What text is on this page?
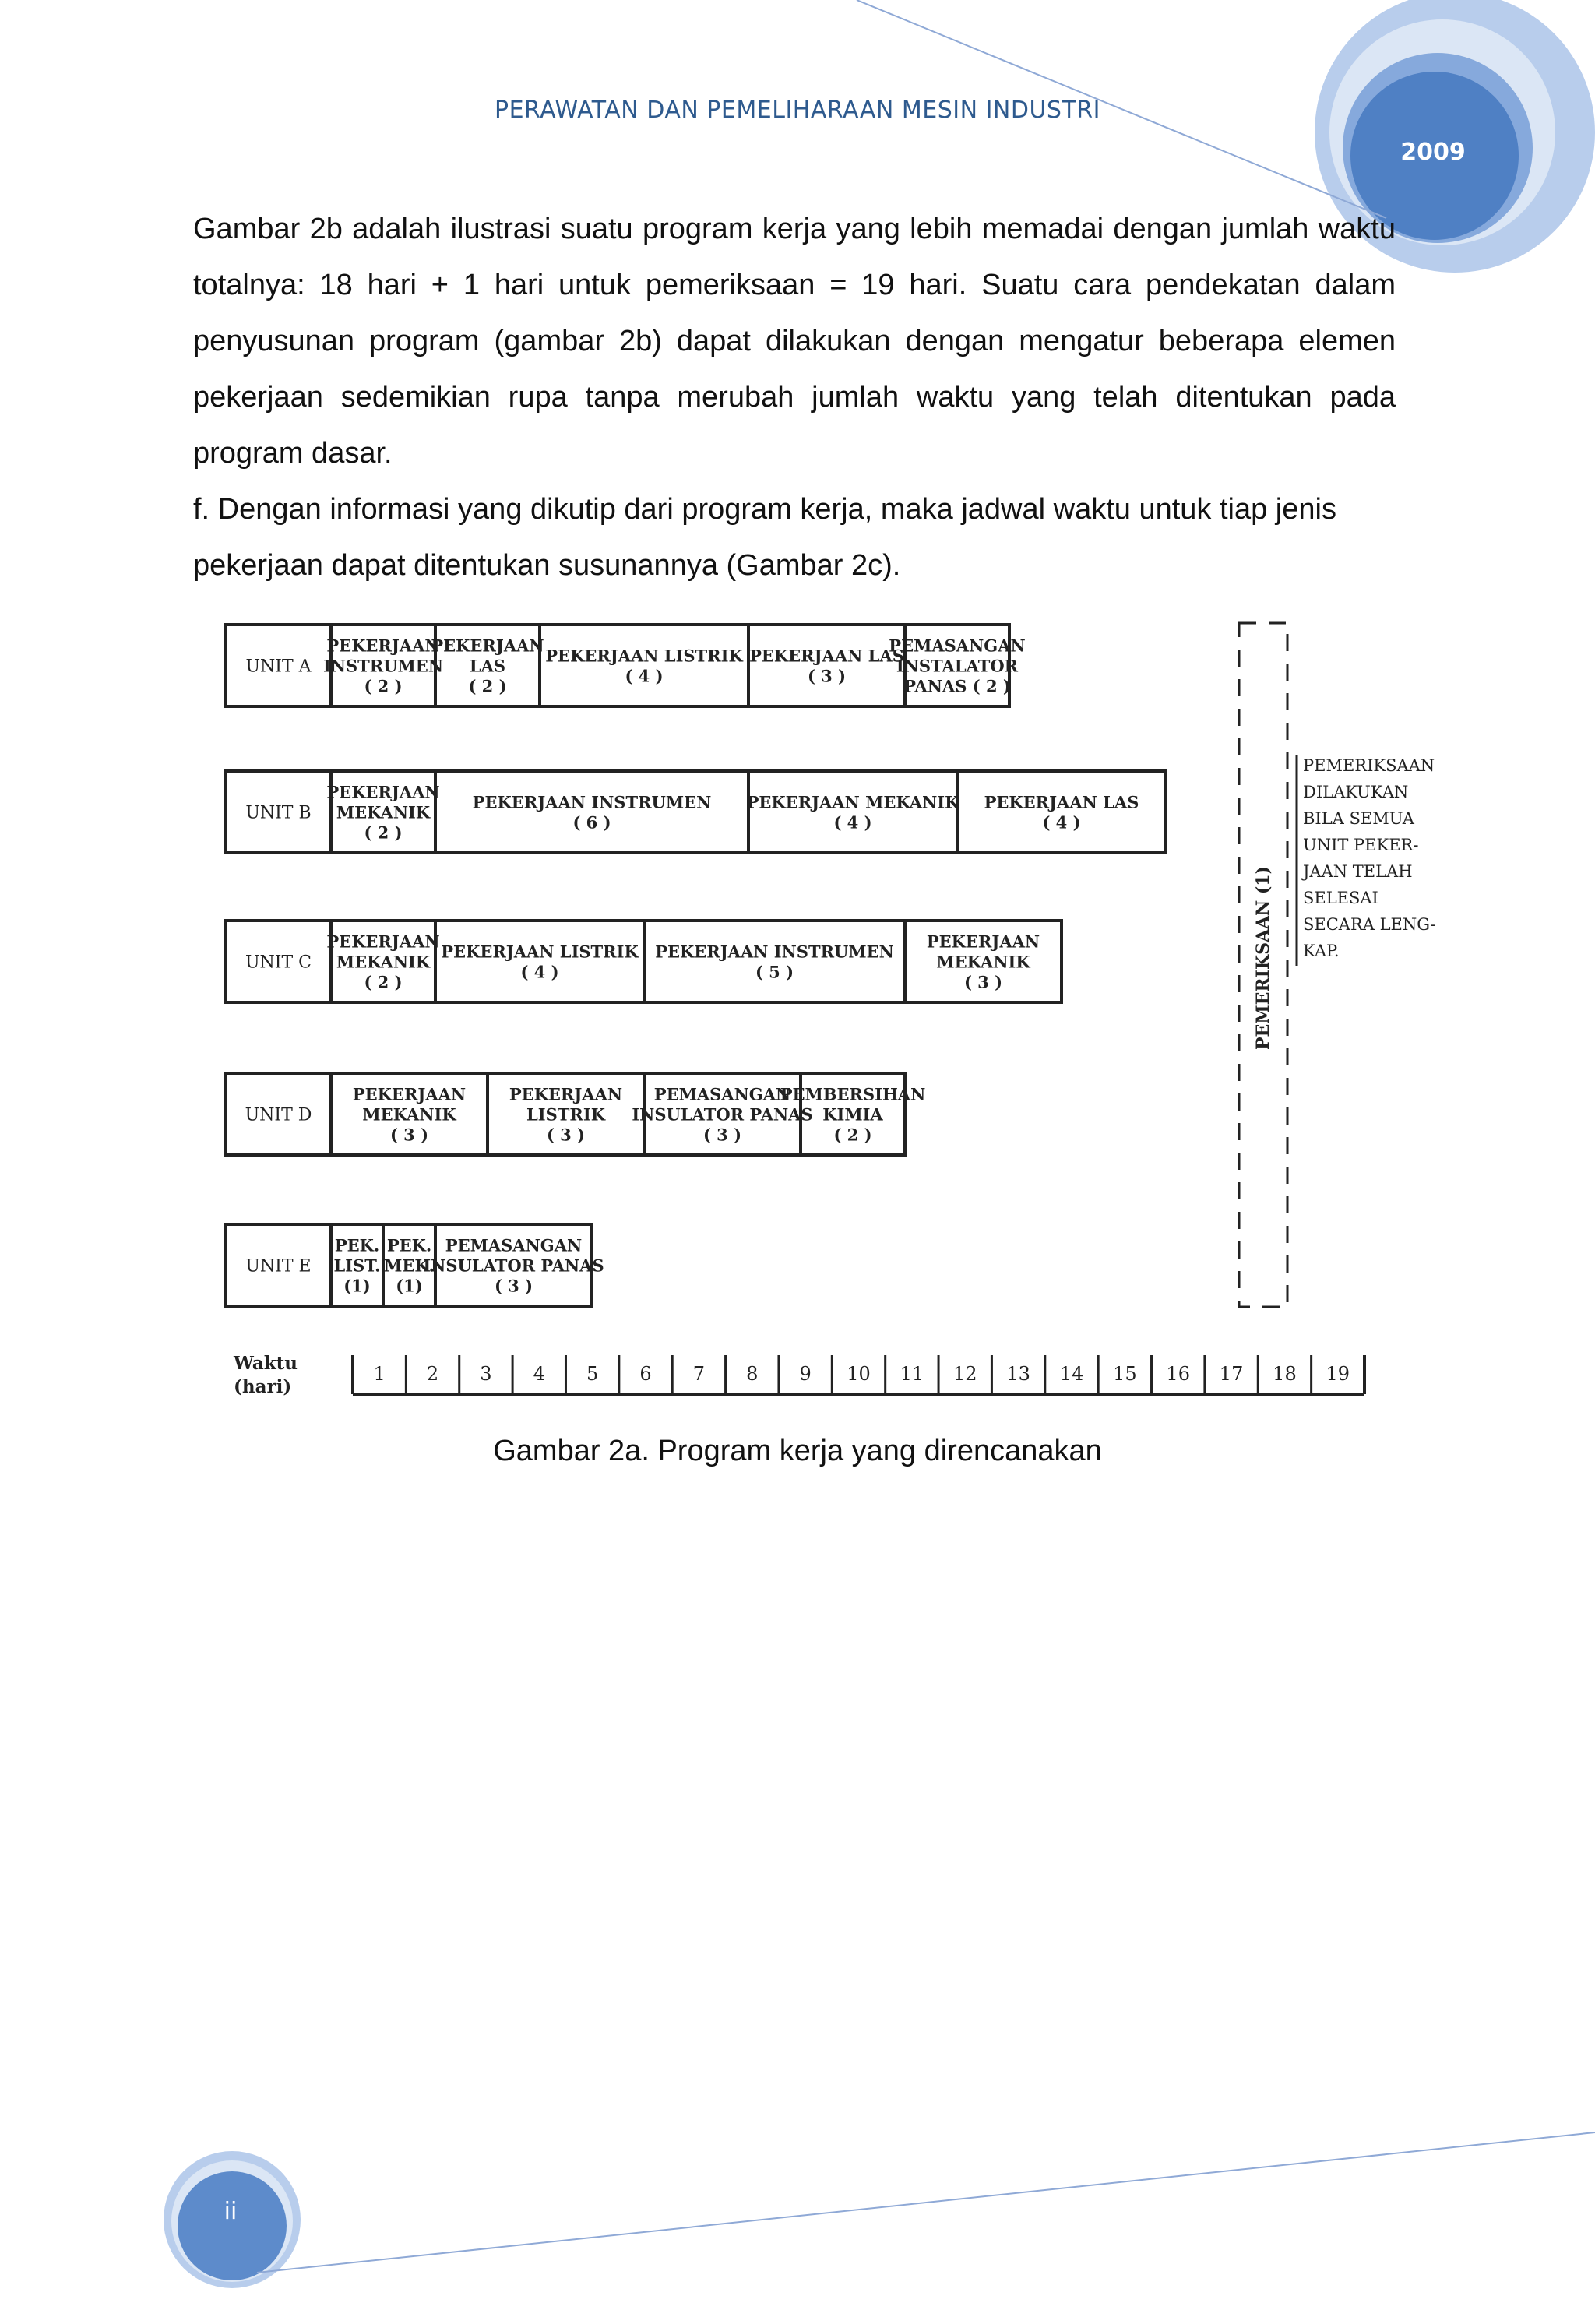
PERAWATAN DAN PEMELIHARAAN MESIN INDUSTRI
2009

Gambar 2b adalah ilustrasi suatu program kerja yang lebih memadai dengan jumlah waktu totalnya: 18 hari + 1 hari untuk pemeriksaan = 19 hari. Suatu cara pendekatan dalam penyusunan program (gambar 2b) dapat dilakukan dengan mengatur beberapa elemen pekerjaan sedemikian rupa tanpa merubah jumlah waktu yang telah ditentukan pada program dasar.

f. Dengan informasi yang dikutip dari program kerja, maka jadwal waktu untuk tiap jenis pekerjaan dapat ditentukan susunannya (Gambar 2c).

UNIT A
PEKERJAAN
INSTRUMEN
( 2 )
PEKERJAAN
LAS
( 2 )
PEKERJAAN LISTRIK
( 4 )
PEKERJAAN LAS
( 3 )
PEMASANGAN
INSTALATOR
PANAS ( 2 )
UNIT B
PEKERJAAN
MEKANIK
( 2 )
PEKERJAAN INSTRUMEN
( 6 )
PEKERJAAN MEKANIK
( 4 )
PEKERJAAN LAS
( 4 )
UNIT C
PEKERJAAN
MEKANIK
( 2 )
PEKERJAAN LISTRIK
( 4 )
PEKERJAAN INSTRUMEN
( 5 )
PEKERJAAN
MEKANIK
( 3 )
UNIT D
PEKERJAAN
MEKANIK
( 3 )
PEKERJAAN
LISTRIK
( 3 )
PEMASANGAN
INSULATOR PANAS
( 3 )
PEMBERSIHAN
KIMIA
( 2 )
UNIT E
PEK.
LIST.
(1)
PEK.
MEK.
(1)
PEMASANGAN
INSULATOR PANAS
( 3 )
PEMERIKSAAN (1)
PEMERIKSAAN
DILAKUKAN
BILA SEMUA
UNIT PEKER-
JAAN TELAH
SELESAI
SECARA LENG-
KAP.
1 2 3 4 5 6 7 8 9 10 11 12 13 14 15 16 17 18 19
Waktu
(hari)
Gambar 2a. Program kerja yang direncanakan
ii
